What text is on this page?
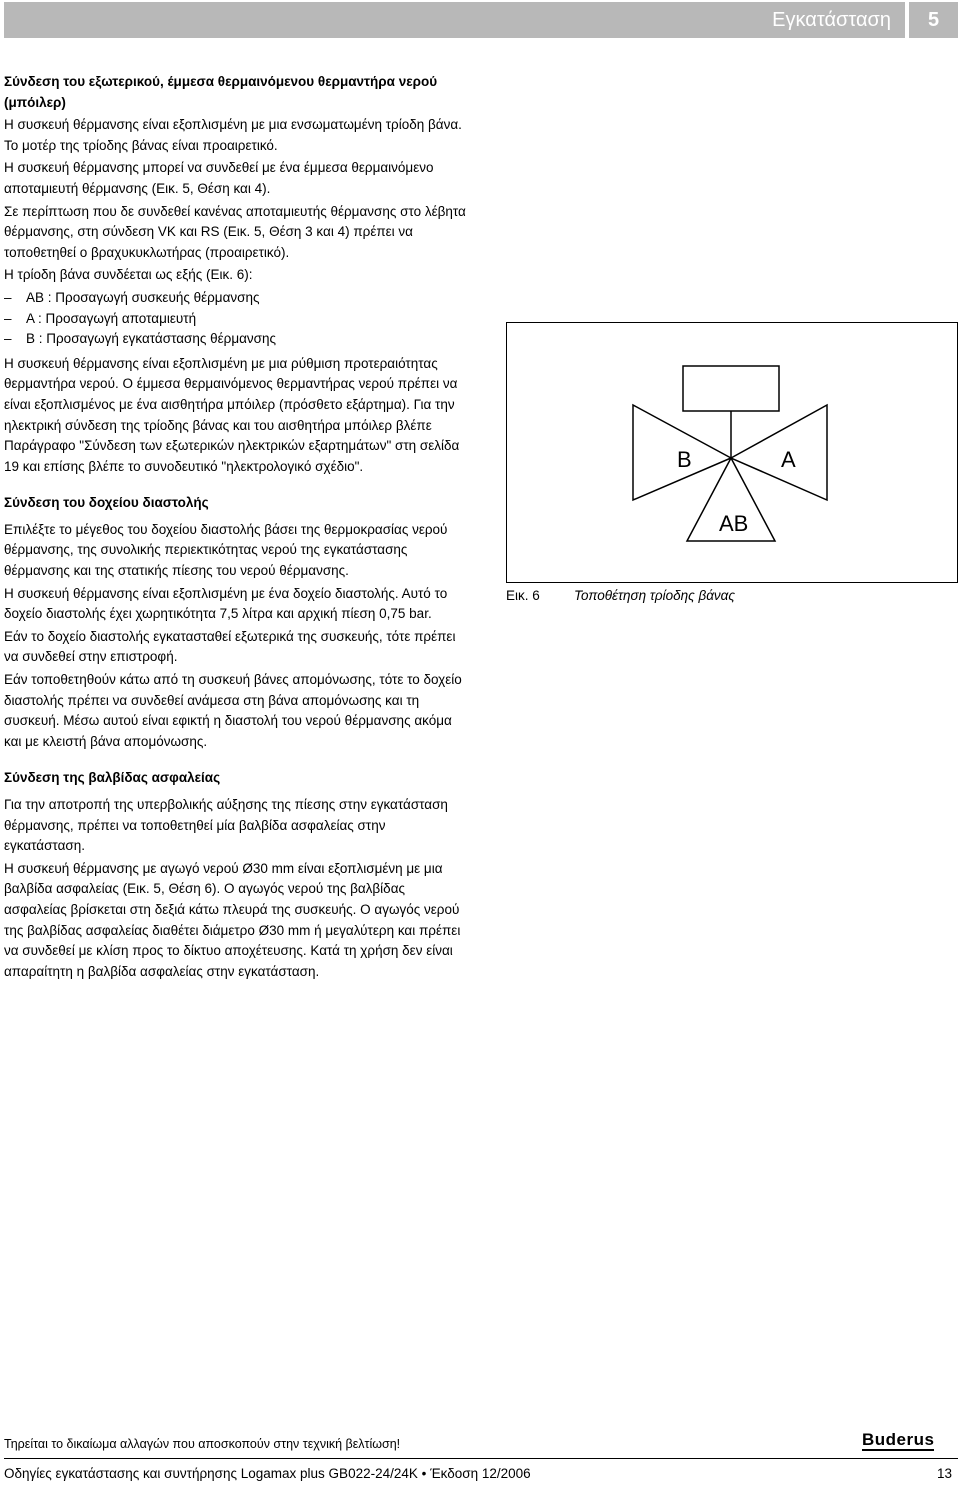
Εγκατάσταση	5

Σύνδεση του εξωτερικού, έμμεσα θερμαινόμενου θερμαντήρα νερού (μπόιλερ)

Η συσκευή θέρμανσης είναι εξοπλισμένη με μια ενσωματωμένη τρίοδη βάνα. Το μοτέρ της τρίοδης βάνας είναι προαιρετικό.

Η συσκευή θέρμανσης μπορεί να συνδεθεί με ένα έμμεσα θερμαινόμενο αποταμιευτή θέρμανσης (Εικ. 5, Θέση και 4).

Σε περίπτωση που δε συνδεθεί κανένας αποταμιευτής θέρμανσης στο λέβητα θέρμανσης, στη σύνδεση VK και RS (Εικ. 5, Θέση 3 και 4) πρέπει να τοποθετηθεί ο βραχυκυκλωτήρας (προαιρετικό).

Η τρίοδη βάνα συνδέεται ως εξής (Εικ. 6):

–	AB : Προσαγωγή συσκευής θέρμανσης
–	A : Προσαγωγή αποταμιευτή
–	B : Προσαγωγή εγκατάστασης θέρμανσης

Η συσκευή θέρμανσης είναι εξοπλισμένη με μια ρύθμιση προτεραιότητας θερμαντήρα νερού. Ο έμμεσα θερμαινόμενος θερμαντήρας νερού πρέπει να είναι εξοπλισμένος με ένα αισθητήρα μπόιλερ (πρόσθετο εξάρτημα). Για την ηλεκτρική σύνδεση της τρίοδης βάνας και του αισθητήρα μπόιλερ βλέπε Παράγραφο "Σύνδεση των εξωτερικών ηλεκτρικών εξαρτημάτων" στη σελίδα 19 και επίσης βλέπε το συνοδευτικό "ηλεκτρολογικό σχέδιο".

Σύνδεση του δοχείου διαστολής

Επιλέξτε το μέγεθος του δοχείου διαστολής βάσει της θερμοκρασίας νερού θέρμανσης, της συνολικής περιεκτικότητας νερού της εγκατάστασης θέρμανσης και της στατικής πίεσης του νερού θέρμανσης.

Η συσκευή θέρμανσης είναι εξοπλισμένη με ένα δοχείο διαστολής. Αυτό το δοχείο διαστολής έχει χωρητικότητα 7,5 λίτρα και αρχική πίεση 0,75 bar.

Εάν το δοχείο διαστολής εγκατασταθεί εξωτερικά της συσκευής, τότε πρέπει να συνδεθεί στην επιστροφή.

Εάν τοποθετηθούν κάτω από τη συσκευή βάνες απομόνωσης, τότε το δοχείο διαστολής πρέπει να συνδεθεί ανάμεσα στη βάνα απομόνωσης και τη συσκευή. Μέσω αυτού είναι εφικτή η διαστολή του νερού θέρμανσης ακόμα και με κλειστή βάνα απομόνωσης.

Σύνδεση της βαλβίδας ασφαλείας

Για την αποτροπή της υπερβολικής αύξησης της πίεσης στην εγκατάσταση θέρμανσης, πρέπει να τοποθετηθεί μία βαλβίδα ασφαλείας στην εγκατάσταση.

Η συσκευή θέρμανσης με αγωγό νερού Ø30 mm είναι εξοπλισμένη με μια βαλβίδα ασφαλείας (Εικ. 5, Θέση 6). Ο αγωγός νερού της βαλβίδας ασφαλείας βρίσκεται στη δεξιά κάτω πλευρά της συσκευής. Ο αγωγός νερού της βαλβίδας ασφαλείας διαθέτει διάμετρο Ø30 mm ή μεγαλύτερη και πρέπει να συνδεθεί με κλίση προς το δίκτυο αποχέτευσης. Κατά τη χρήση δεν είναι απαραίτητη η βαλβίδα ασφαλείας στην εγκατάσταση.

B	A
AB
Εικ. 6	Τοποθέτηση τρίοδης βάνας
Τηρείται το δικαίωμα αλλαγών που αποσκοπούν στην τεχνική βελτίωση!	Buderus
Οδηγίες εγκατάστασης και συντήρησης Logamax plus GB022-24/24K • Έκδοση 12/2006	13
